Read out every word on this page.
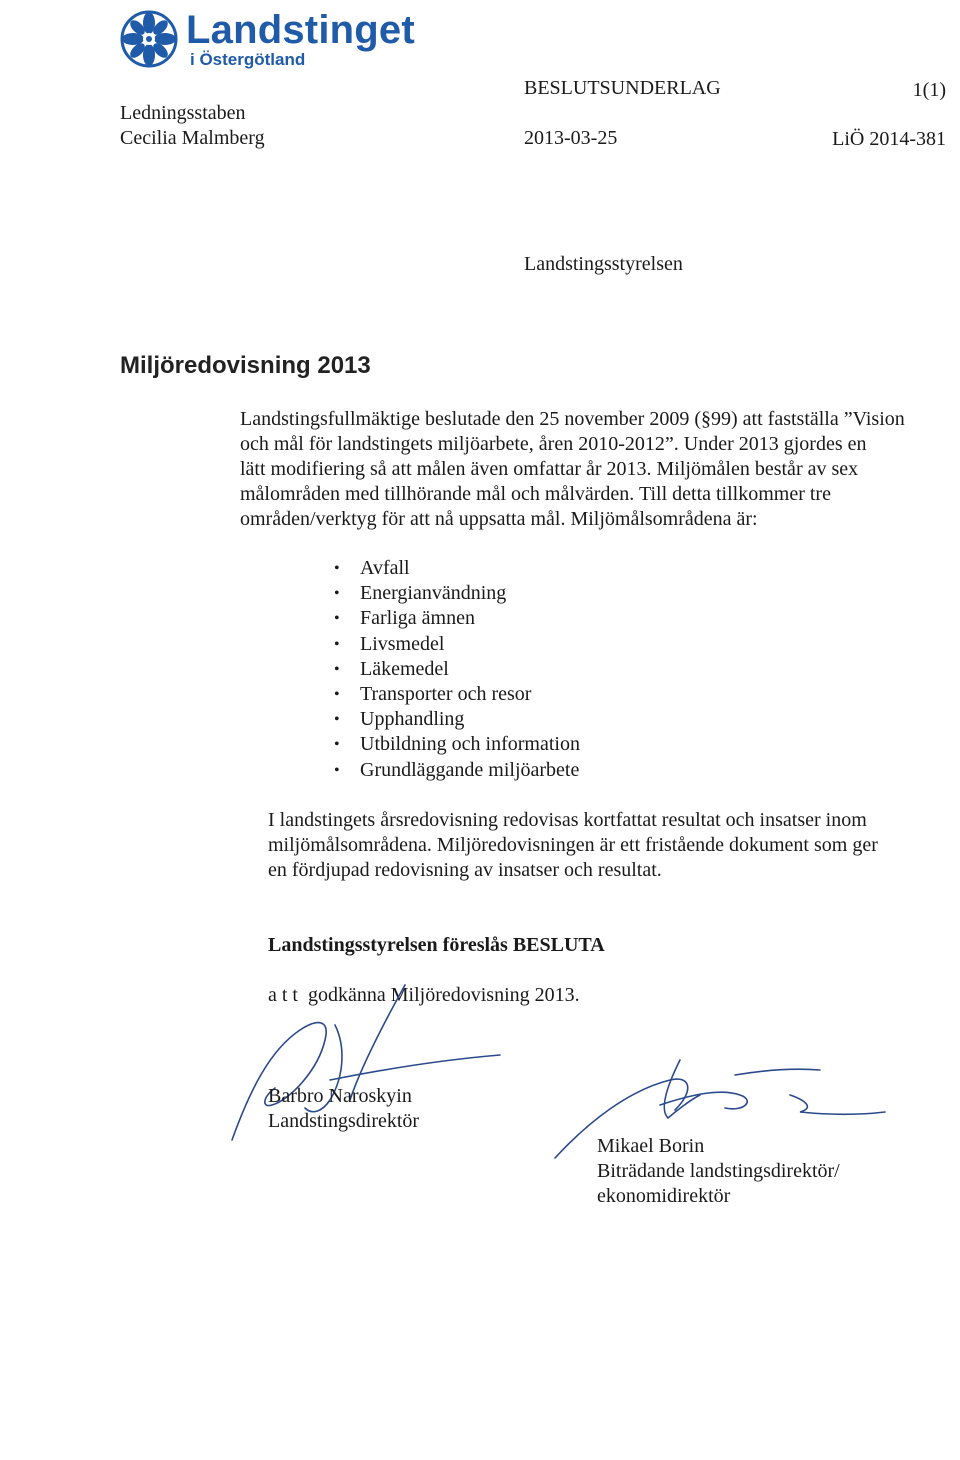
Landstinget
i Östergötland
Ledningsstaben
Cecilia Malmberg
BESLUTSUNDERLAG	1(1)
2013-03-25	LiÖ 2014-381
Landstingsstyrelsen
Miljöredovisning 2013
Landstingsfullmäktige beslutade den 25 november 2009 (§99) att fastställa ”Vision
och mål för landstingets miljöarbete, åren 2010-2012”. Under 2013 gjordes en
lätt modifiering så att målen även omfattar år 2013. Miljömålen består av sex
målområden med tillhörande mål och målvärden. Till detta tillkommer tre
områden/verktyg för att nå uppsatta mål. Miljömålsområdena är:
• Avfall
• Energianvändning
• Farliga ämnen
• Livsmedel
• Läkemedel
• Transporter och resor
• Upphandling
• Utbildning och information
• Grundläggande miljöarbete
I landstingets årsredovisning redovisas kortfattat resultat och insatser inom
miljömålsområdena. Miljöredovisningen är ett fristående dokument som ger
en fördjupad redovisning av insatser och resultat.
Landstingsstyrelsen föreslås BESLUTA
a t t  godkänna Miljöredovisning 2013.
Barbro Naroskyin
Landstingsdirektör
Mikael Borin
Biträdande landstingsdirektör/
ekonomidirektör
